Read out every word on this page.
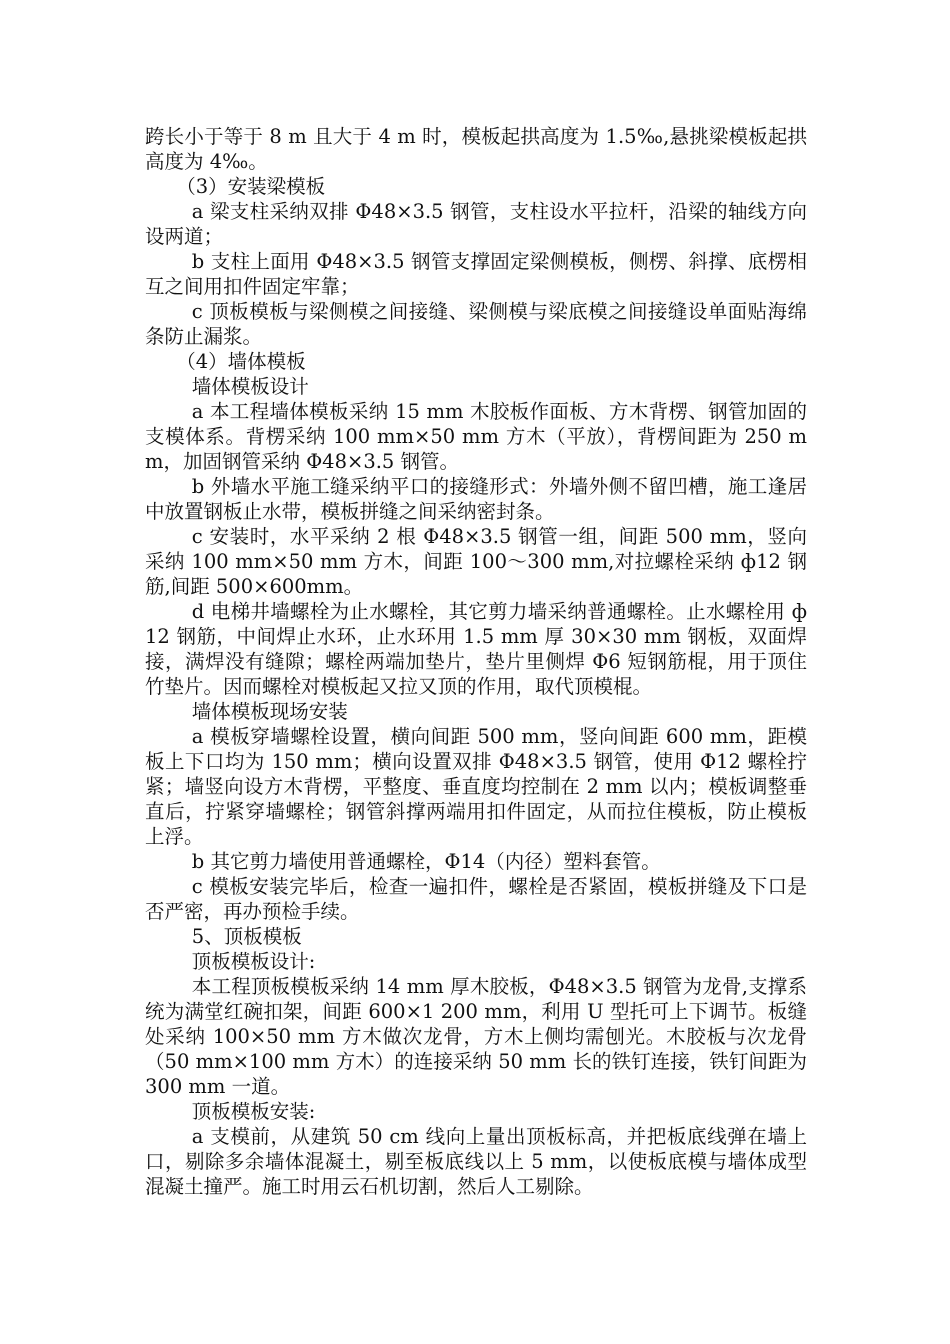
跨长小于等于 8 m 且大于 4 m 时，模板起拱高度为 1.5‰,悬挑梁模板起拱高度为 4‰。

（3）安装梁模板

a 梁支柱采纳双排 Φ48×3.5 钢管，支柱设水平拉杆，沿梁的轴线方向设两道；

b 支柱上面用 Φ48×3.5 钢管支撑固定梁侧模板，侧楞、斜撑、底楞相互之间用扣件固定牢靠；

c 顶板模板与梁侧模之间接缝、梁侧模与梁底模之间接缝设单面贴海绵条防止漏浆。

（4）墙体模板

墙体模板设计

a 本工程墙体模板采纳 15 mm 木胶板作面板、方木背楞、钢管加固的支模体系。背楞采纳 100 mm×50 mm 方木（平放），背楞间距为 250 mm，加固钢管采纳 Φ48×3.5 钢管。

b 外墙水平施工缝采纳平口的接缝形式：外墙外侧不留凹槽，施工逢居中放置钢板止水带，模板拼缝之间采纳密封条。

c 安装时，水平采纳 2 根 Φ48×3.5 钢管一组，间距 500 mm，竖向采纳 100 mm×50 mm 方木，间距 100～300 mm,对拉螺栓采纳 ф12 钢筋,间距 500×600mm。

d 电梯井墙螺栓为止水螺栓，其它剪力墙采纳普通螺栓。止水螺栓用 ф12 钢筋，中间焊止水环，止水环用 1.5 mm 厚 30×30 mm 钢板，双面焊接，满焊没有缝隙；螺栓两端加垫片，垫片里侧焊 Φ6 短钢筋棍，用于顶住竹垫片。因而螺栓对模板起又拉又顶的作用，取代顶模棍。

墙体模板现场安装

a 模板穿墙螺栓设置，横向间距 500 mm，竖向间距 600 mm，距模板上下口均为 150 mm；横向设置双排 Φ48×3.5 钢管，使用 Φ12 螺栓拧紧；墙竖向设方木背楞，平整度、垂直度均控制在 2 mm 以内；模板调整垂直后，拧紧穿墙螺栓；钢管斜撑两端用扣件固定，从而拉住模板，防止模板上浮。

b 其它剪力墙使用普通螺栓，Φ14（内径）塑料套管。

c 模板安装完毕后，检查一遍扣件，螺栓是否紧固，模板拼缝及下口是否严密，再办预检手续。

5、顶板模板

顶板模板设计:

本工程顶板模板采纳 14 mm 厚木胶板，Φ48×3.5 钢管为龙骨,支撑系统为满堂红碗扣架，间距 600×1 200 mm，利用 U 型托可上下调节。板缝处采纳 100×50 mm 方木做次龙骨，方木上侧均需刨光。木胶板与次龙骨（50 mm×100 mm 方木）的连接采纳 50 mm 长的铁钉连接，铁钉间距为 300 mm 一道。

顶板模板安装:

a 支模前，从建筑 50 cm 线向上量出顶板标高，并把板底线弹在墙上口，剔除多余墙体混凝土，剔至板底线以上 5 mm，以使板底模与墙体成型混凝土撞严。施工时用云石机切割，然后人工剔除。
